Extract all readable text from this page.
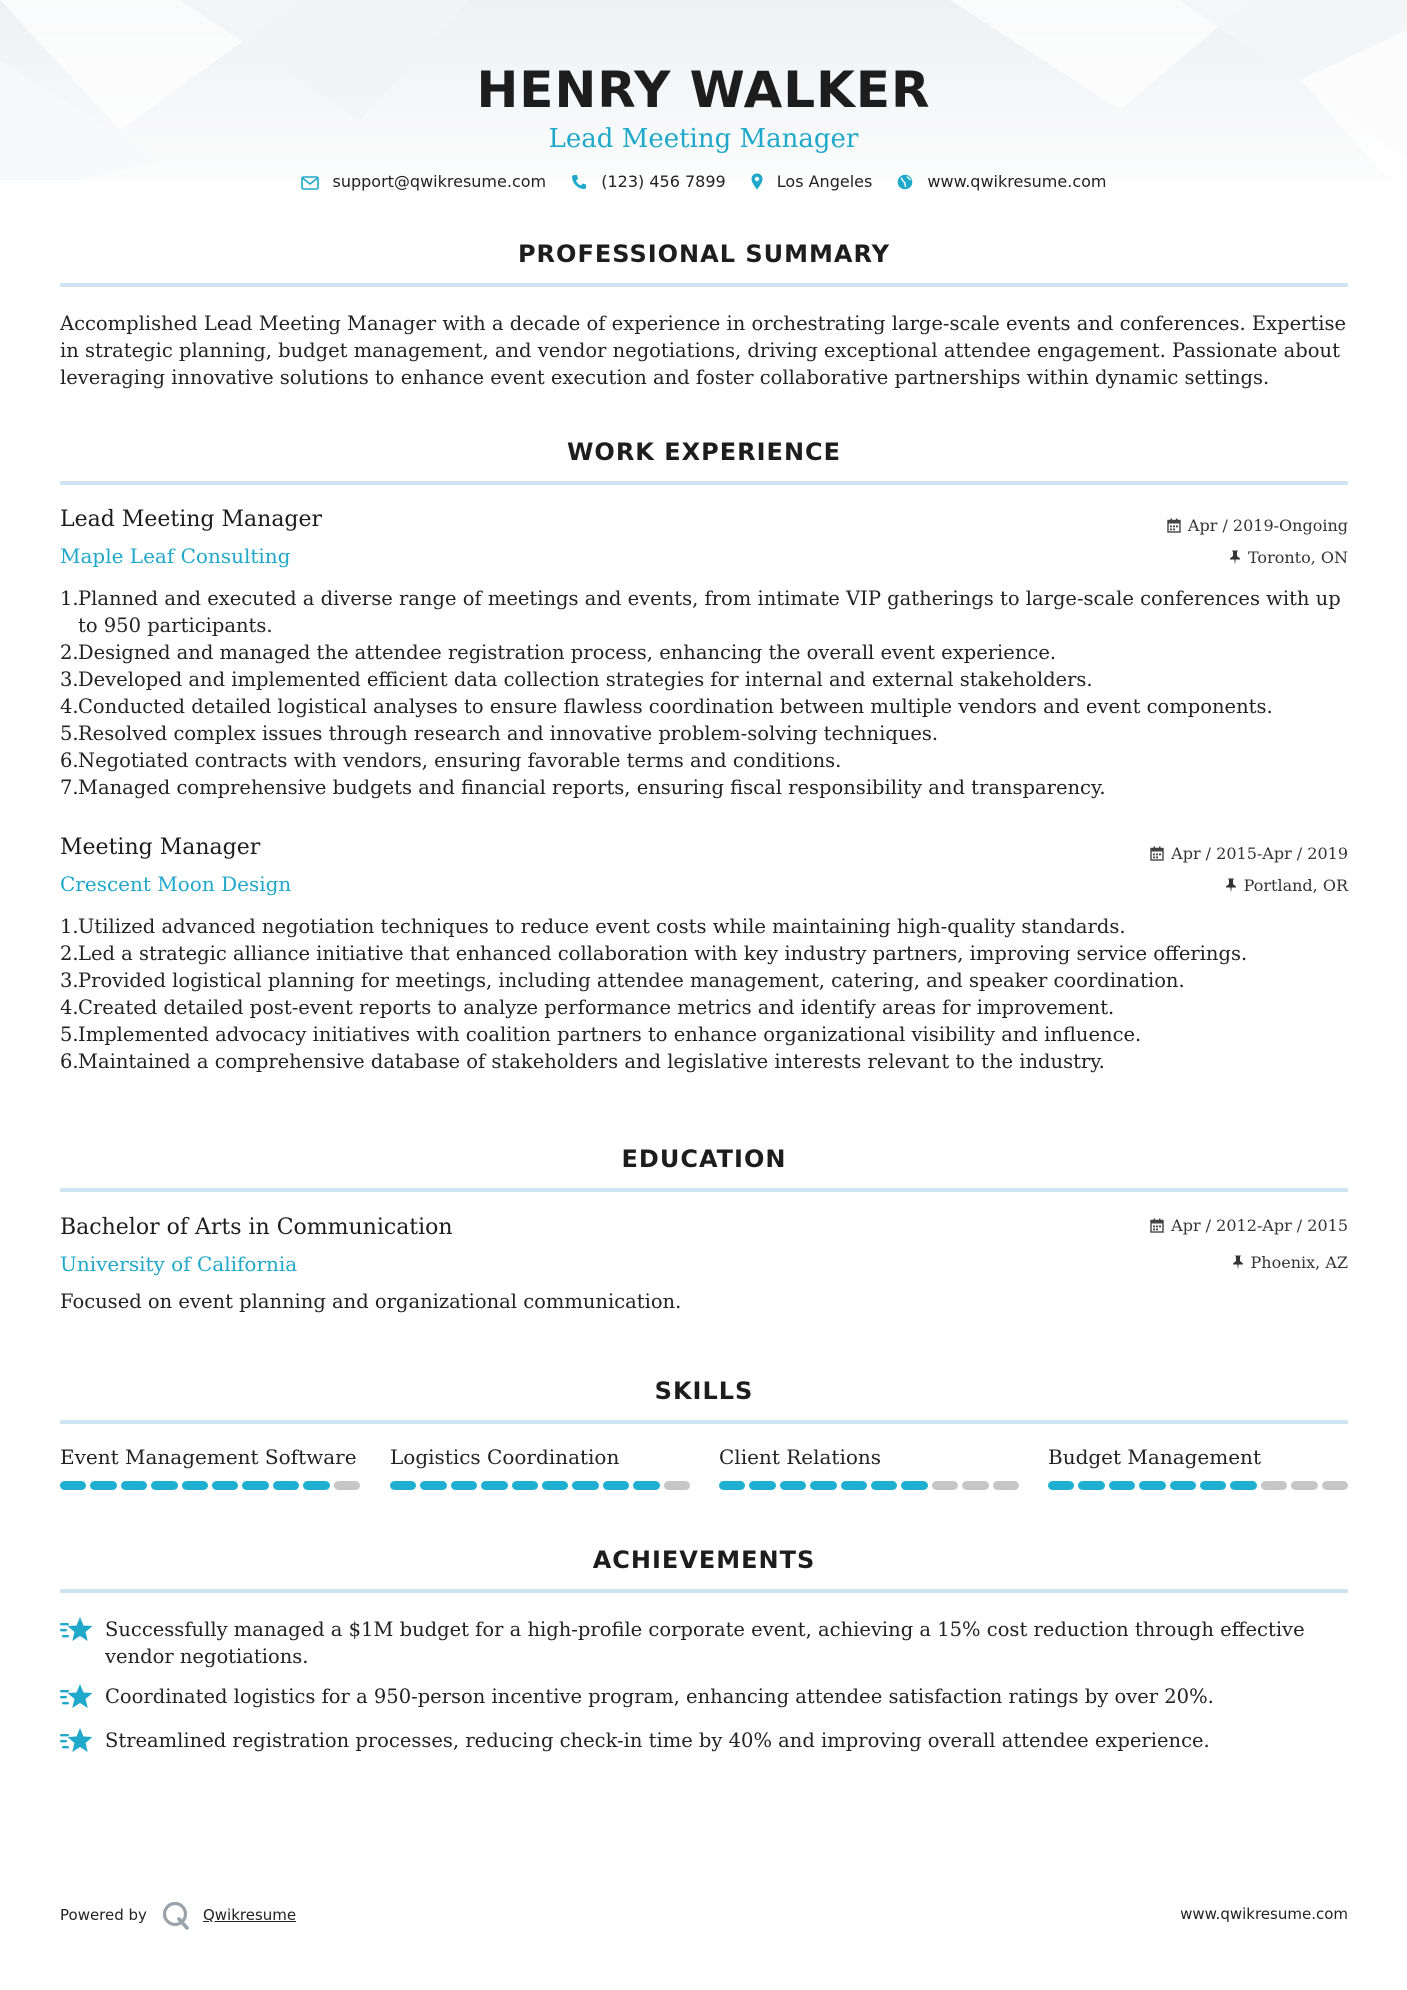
HENRY WALKER
Lead Meeting Manager
support@qwikresume.com	(123) 456 7899	Los Angeles	www.qwikresume.com
PROFESSIONAL SUMMARY
Accomplished Lead Meeting Manager with a decade of experience in orchestrating large-scale events and conferences. Expertise in strategic planning, budget management, and vendor negotiations, driving exceptional attendee engagement. Passionate about leveraging innovative solutions to enhance event execution and foster collaborative partnerships within dynamic settings.
WORK EXPERIENCE
Lead Meeting Manager
Maple Leaf Consulting
Apr / 2019-Ongoing
Toronto, ON
1. Planned and executed a diverse range of meetings and events, from intimate VIP gatherings to large-scale conferences with up to 950 participants.
2. Designed and managed the attendee registration process, enhancing the overall event experience.
3. Developed and implemented efficient data collection strategies for internal and external stakeholders.
4. Conducted detailed logistical analyses to ensure flawless coordination between multiple vendors and event components.
5. Resolved complex issues through research and innovative problem-solving techniques.
6. Negotiated contracts with vendors, ensuring favorable terms and conditions.
7. Managed comprehensive budgets and financial reports, ensuring fiscal responsibility and transparency.
Meeting Manager
Crescent Moon Design
Apr / 2015-Apr / 2019
Portland, OR
1. Utilized advanced negotiation techniques to reduce event costs while maintaining high-quality standards.
2. Led a strategic alliance initiative that enhanced collaboration with key industry partners, improving service offerings.
3. Provided logistical planning for meetings, including attendee management, catering, and speaker coordination.
4. Created detailed post-event reports to analyze performance metrics and identify areas for improvement.
5. Implemented advocacy initiatives with coalition partners to enhance organizational visibility and influence.
6. Maintained a comprehensive database of stakeholders and legislative interests relevant to the industry.
EDUCATION
Bachelor of Arts in Communication
University of California
Apr / 2012-Apr / 2015
Phoenix, AZ
Focused on event planning and organizational communication.
SKILLS
Event Management Software Logistics Coordination	Client Relations	Budget Management
ACHIEVEMENTS
Successfully managed a $1M budget for a high-profile corporate event, achieving a 15% cost reduction through effective vendor negotiations.
Coordinated logistics for a 950-person incentive program, enhancing attendee satisfaction ratings by over 20%.
Streamlined registration processes, reducing check-in time by 40% and improving overall attendee experience.
Powered by	Qwikresume	www.qwikresume.com
